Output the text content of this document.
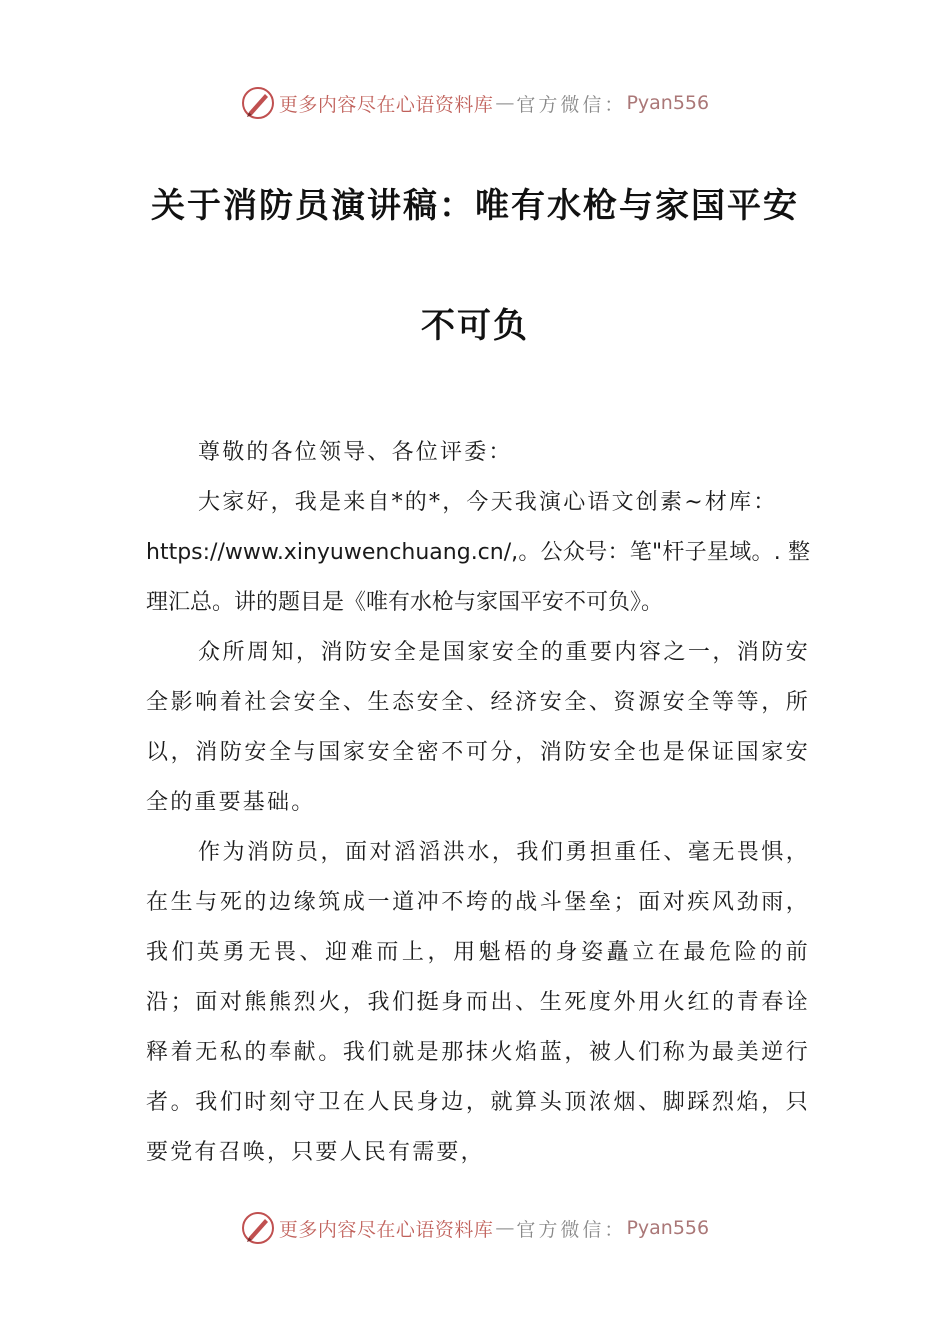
更多内容尽在心语资料库 — 官方微信： Pyan556
关于消防员演讲稿：唯有水枪与家国平安
不可负

尊敬的各位领导、各位评委：

大家好，我是来自*的*，今天我演心语文创素~材库：

https://www.xinyuwenchuang.cn/,。公众号：笔"杆子星域。. 整理汇总。讲的题目是《唯有水枪与家国平安不可负》。

众所周知，消防安全是国家安全的重要内容之一，消防安全影响着社会安全、生态安全、经济安全、资源安全等等，所以，消防安全与国家安全密不可分，消防安全也是保证国家安全的重要基础。

作为消防员，面对滔滔洪水，我们勇担重任、毫无畏惧，在生与死的边缘筑成一道冲不垮的战斗堡垒；面对疾风劲雨，我们英勇无畏、迎难而上，用魁梧的身姿矗立在最危险的前沿；面对熊熊烈火，我们挺身而出、生死度外用火红的青春诠释着无私的奉献。我们就是那抹火焰蓝，被人们称为最美逆行者。我们时刻守卫在人民身边，就算头顶浓烟、脚踩烈焰，只要党有召唤，只要人民有需要，

更多内容尽在心语资料库 — 官方微信： Pyan556
